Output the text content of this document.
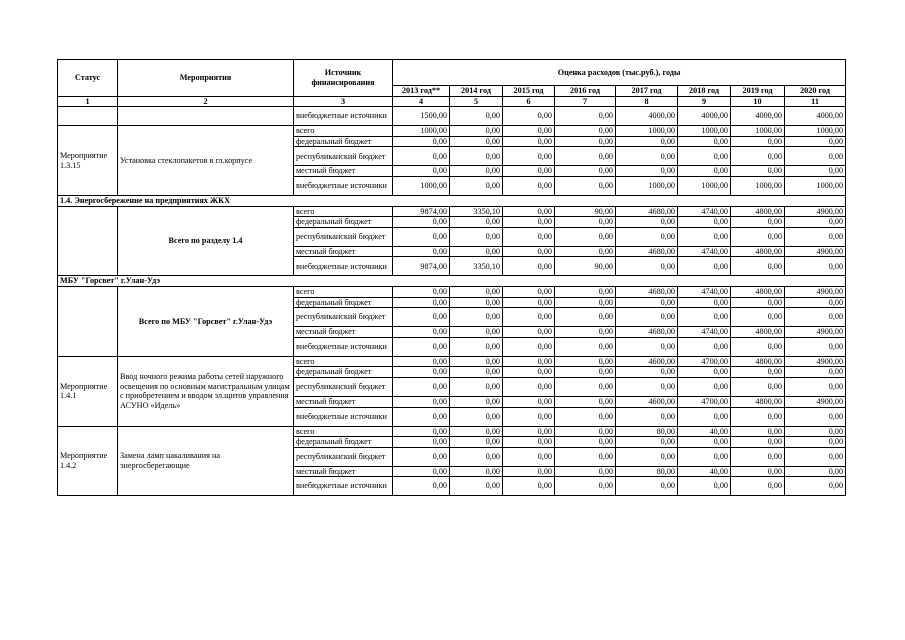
Статус	Мероприятия	Источник финансирования	Оценка расходов (тыс.руб.), годы							
			2013 год**	2014 год	2015 год	2016 год	2017 год	2018 год	2019 год	2020 год
1	2	3	4	5	6	7	8	9	10	11
		внебюджетные источники	1500,00	0,00	0,00	0,00	4000,00	4000,00	4000,00	4000,00
Мероприятие 1.3.15	Установка стеклопакетов в гл.корпусе	всего	1000,00	0,00	0,00	0,00	1000,00	1000,00	1000,00	1000,00
		федеральный бюджет	0,00	0,00	0,00	0,00	0,00	0,00	0,00	0,00
		республиканский бюджет	0,00	0,00	0,00	0,00	0,00	0,00	0,00	0,00
		местный бюджет	0,00	0,00	0,00	0,00	0,00	0,00	0,00	0,00
		внебюджетные источники	1000,00	0,00	0,00	0,00	1000,00	1000,00	1000,00	1000,00
1.4. Энергосбережение на предприятиях ЖКХ										
	Всего по разделу 1.4	всего	9874,00	3350,10	0,00	90,00	4680,00	4740,00	4800,00	4900,00
		федеральный бюджет	0,00	0,00	0,00	0,00	0,00	0,00	0,00	0,00
		республиканский бюджет	0,00	0,00	0,00	0,00	0,00	0,00	0,00	0,00
		местный бюджет	0,00	0,00	0,00	0,00	4680,00	4740,00	4800,00	4900,00
		внебюджетные источники	9874,00	3350,10	0,00	90,00	0,00	0,00	0,00	0,00
МБУ "Горсвет" г.Улан-Удэ										
	Всего по МБУ "Горсвет" г.Улан-Удэ	всего	0,00	0,00	0,00	0,00	4680,00	4740,00	4800,00	4900,00
		федеральный бюджет	0,00	0,00	0,00	0,00	0,00	0,00	0,00	0,00
		республиканский бюджет	0,00	0,00	0,00	0,00	0,00	0,00	0,00	0,00
		местный бюджет	0,00	0,00	0,00	0,00	4680,00	4740,00	4800,00	4900,00
		внебюджетные источники	0,00	0,00	0,00	0,00	0,00	0,00	0,00	0,00
Мероприятие 1.4.1	Ввод ночного режима работы сетей наружного освещения по основным магистральным улицам с приобретением и вводом эл.щитов управления АСУНО «Идель»	всего	0,00	0,00	0,00	0,00	4600,00	4700,00	4800,00	4900,00
		федеральный бюджет	0,00	0,00	0,00	0,00	0,00	0,00	0,00	0,00
		республиканский бюджет	0,00	0,00	0,00	0,00	0,00	0,00	0,00	0,00
		местный бюджет	0,00	0,00	0,00	0,00	4600,00	4700,00	4800,00	4900,00
		внебюджетные источники	0,00	0,00	0,00	0,00	0,00	0,00	0,00	0,00
Мероприятие 1.4.2	Замена ламп накаливания на энергосберегающие	всего	0,00	0,00	0,00	0,00	80,00	40,00	0,00	0,00
		федеральный бюджет	0,00	0,00	0,00	0,00	0,00	0,00	0,00	0,00
		республиканский бюджет	0,00	0,00	0,00	0,00	0,00	0,00	0,00	0,00
		местный бюджет	0,00	0,00	0,00	0,00	80,00	40,00	0,00	0,00
		внебюджетные источники	0,00	0,00	0,00	0,00	0,00	0,00	0,00	0,00
